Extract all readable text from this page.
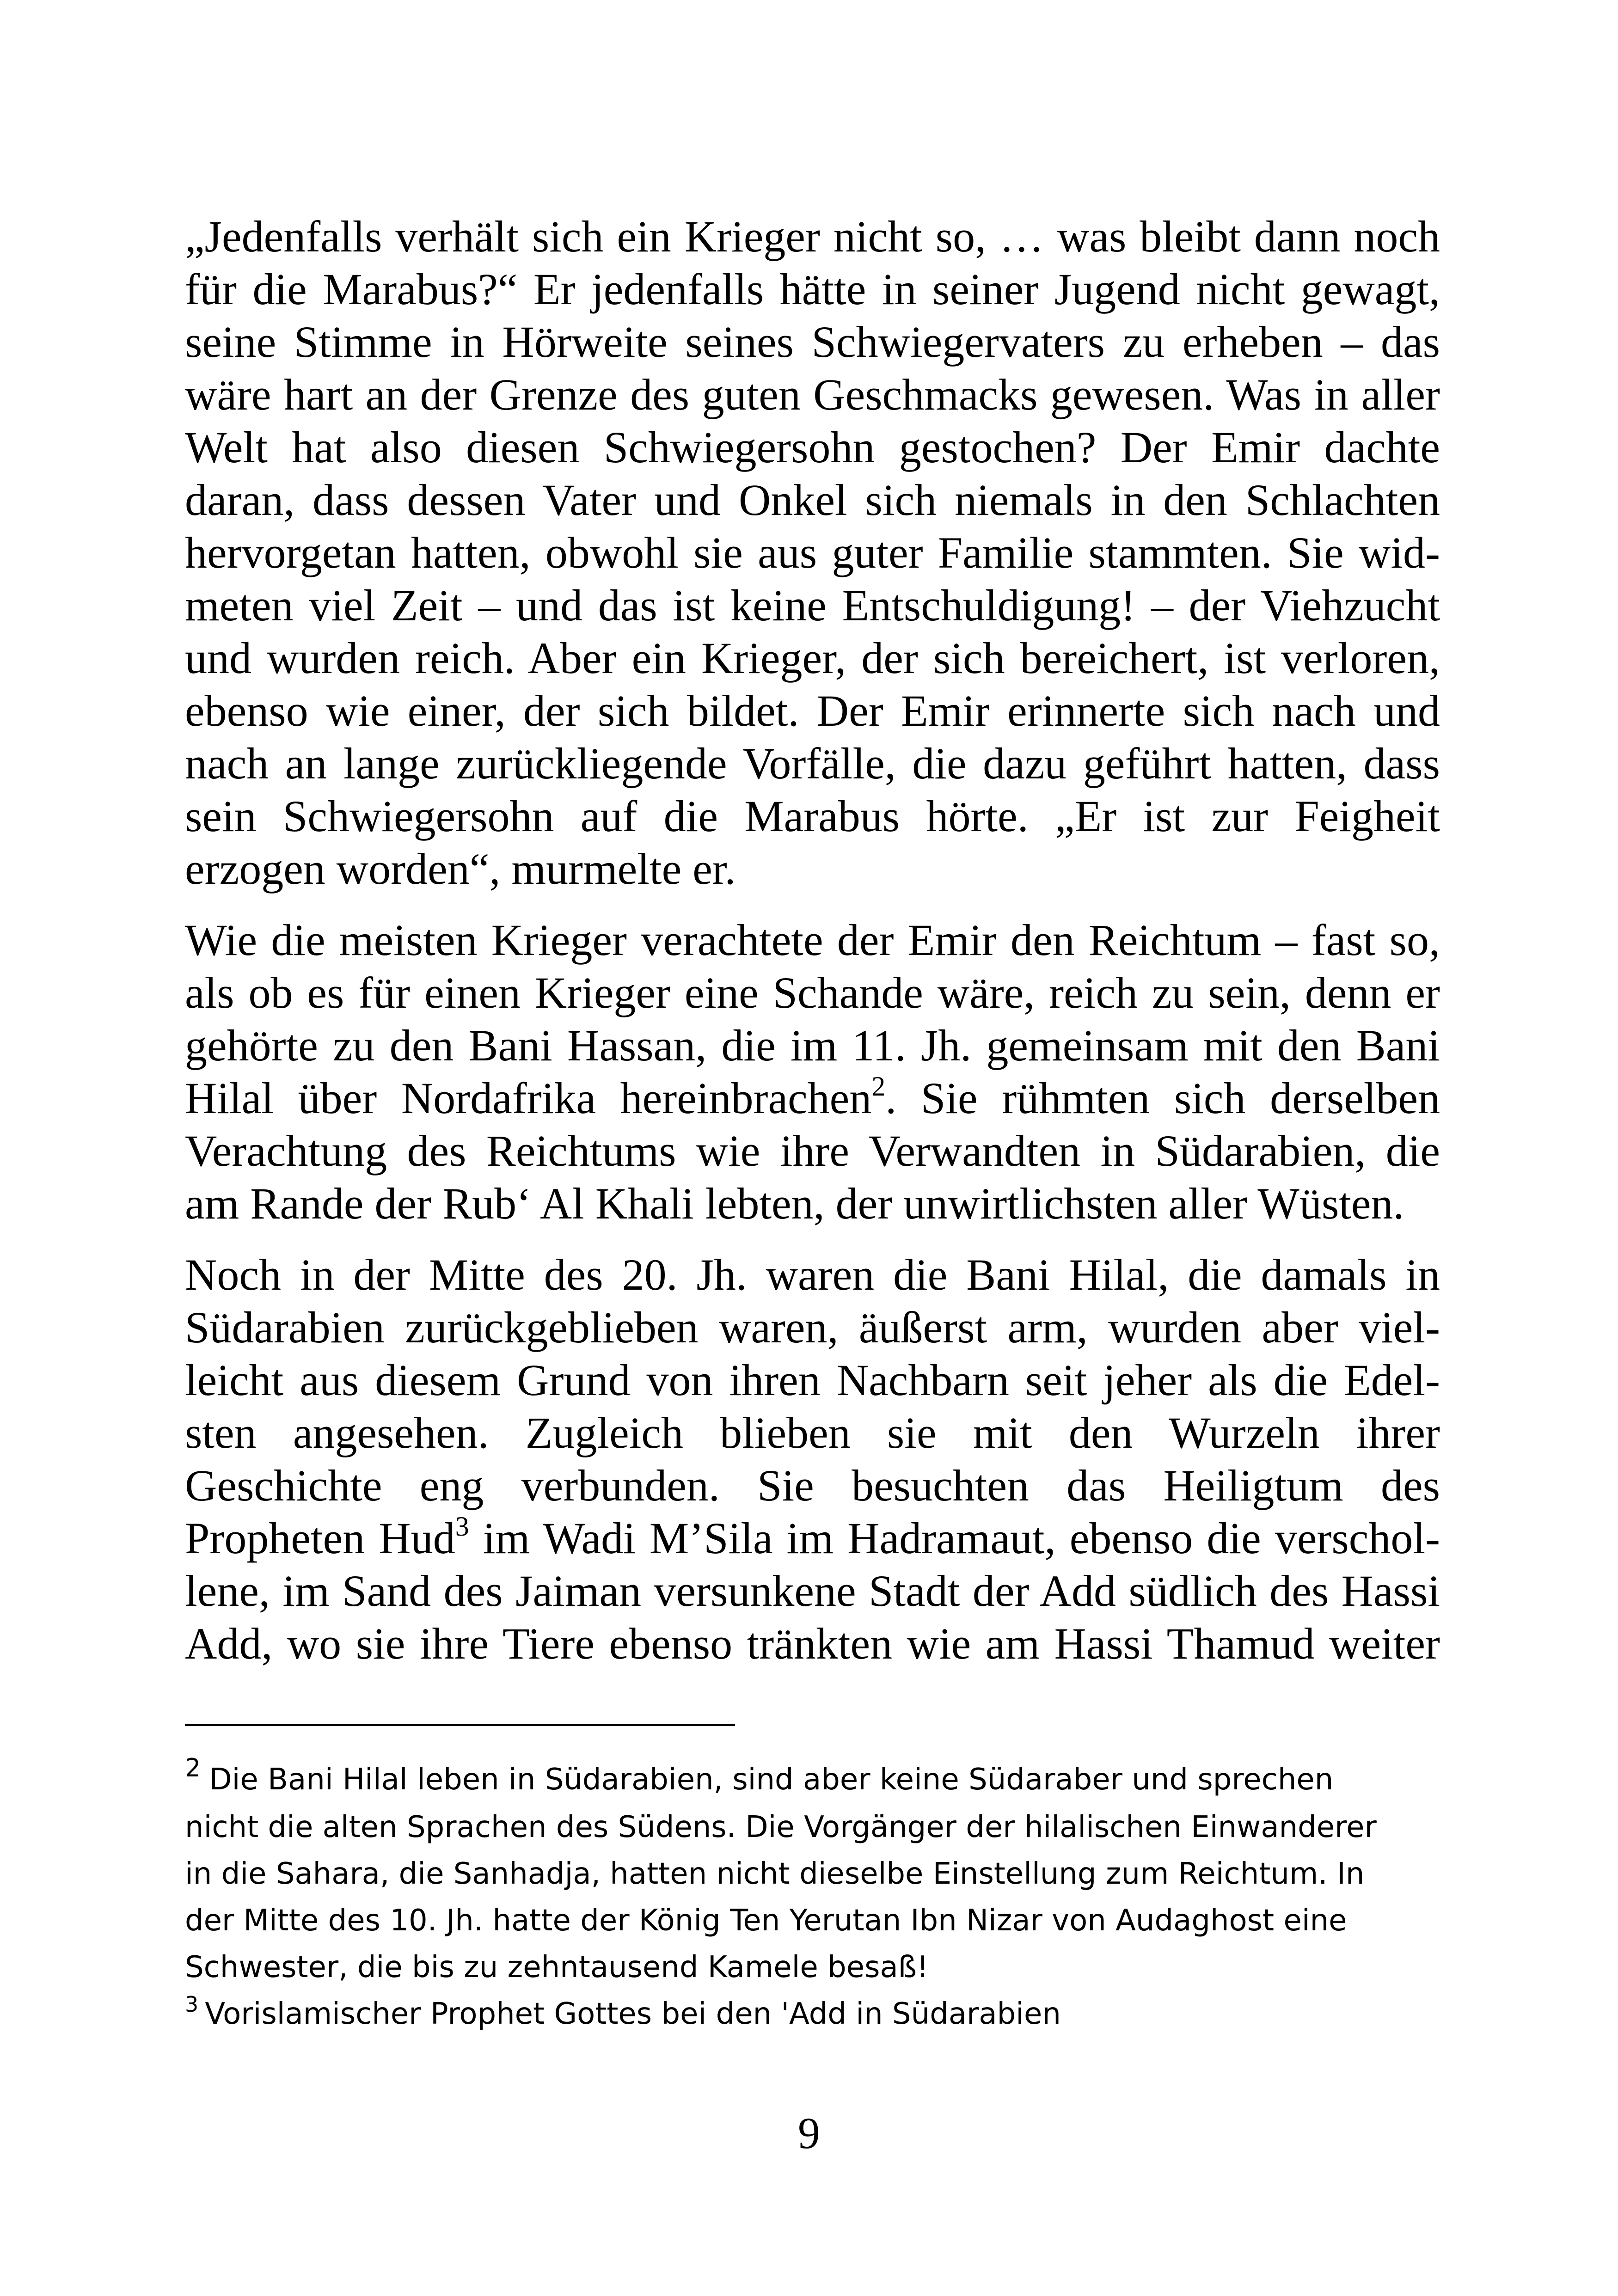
„Jedenfalls verhält sich ein Krieger nicht so, … was bleibt dann noch
für die Marabus?“ Er jedenfalls hätte in seiner Jugend nicht gewagt,
seine Stimme in Hörweite seines Schwiegervaters zu erheben – das
wäre hart an der Grenze des guten Geschmacks gewesen. Was in aller
Welt hat also diesen Schwiegersohn gestochen? Der Emir dachte
daran, dass dessen Vater und Onkel sich niemals in den Schlachten
hervorgetan hatten, obwohl sie aus guter Familie stammten. Sie wid-
meten viel Zeit – und das ist keine Entschuldigung! – der Viehzucht
und wurden reich. Aber ein Krieger, der sich bereichert, ist verloren,
ebenso wie einer, der sich bildet. Der Emir erinnerte sich nach und
nach an lange zurückliegende Vorfälle, die dazu geführt hatten, dass
sein Schwiegersohn auf die Marabus hörte. „Er ist zur Feigheit
erzogen worden“, murmelte er.

Wie die meisten Krieger verachtete der Emir den Reichtum – fast so,
als ob es für einen Krieger eine Schande wäre, reich zu sein, denn er
gehörte zu den Bani Hassan, die im 11. Jh. gemeinsam mit den Bani
Hilal über Nordafrika hereinbrachen$^2$. Sie rühmten sich derselben
Verachtung des Reichtums wie ihre Verwandten in Südarabien, die
am Rande der Rub‘ Al Khali lebten, der unwirtlichsten aller Wüsten.

Noch in der Mitte des 20. Jh. waren die Bani Hilal, die damals in
Südarabien zurückgeblieben waren, äußerst arm, wurden aber viel-
leicht aus diesem Grund von ihren Nachbarn seit jeher als die Edel-
sten angesehen. Zugleich blieben sie mit den Wurzeln ihrer
Geschichte eng verbunden. Sie besuchten das Heiligtum des
Propheten Hud$^3$ im Wadi M’Sila im Hadramaut, ebenso die verschol-
lene, im Sand des Jaiman versunkene Stadt der Add südlich des Hassi
Add, wo sie ihre Tiere ebenso tränkten wie am Hassi Thamud weiter

$^2$ Die Bani Hilal leben in Südarabien, sind aber keine Südaraber und sprechen
nicht die alten Sprachen des Südens. Die Vorgänger der hilalischen Einwanderer
in die Sahara, die Sanhadja, hatten nicht dieselbe Einstellung zum Reichtum. In
der Mitte des 10. Jh. hatte der König Ten Yerutan Ibn Nizar von Audaghost eine
Schwester, die bis zu zehntausend Kamele besaß!
$^3$ Vorislamischer Prophet Gottes bei den 'Add in Südarabien
9
